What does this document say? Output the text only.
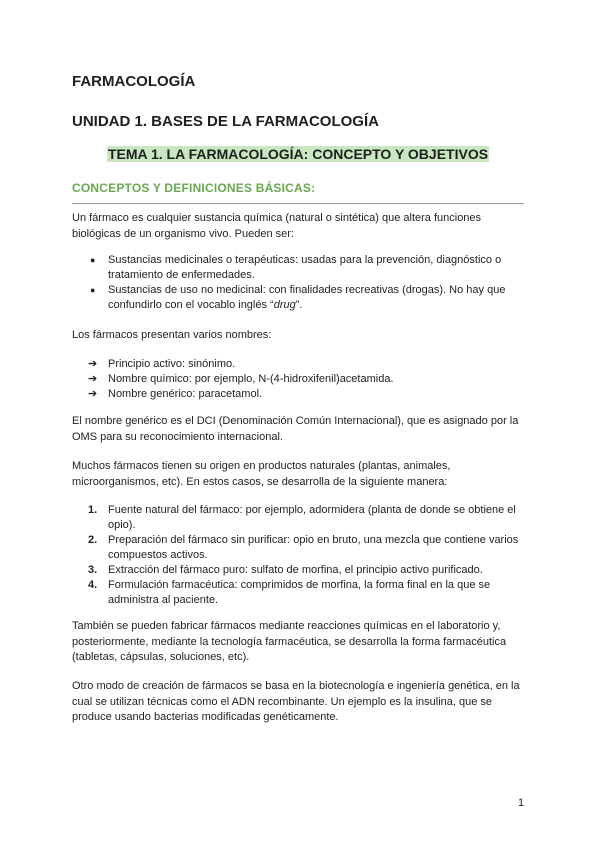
FARMACOLOGÍA
UNIDAD 1. BASES DE LA FARMACOLOGÍA
TEMA 1. LA FARMACOLOGÍA: CONCEPTO Y OBJETIVOS
CONCEPTOS Y DEFINICIONES BÁSICAS:

Un fármaco es cualquier sustancia química (natural o sintética) que altera funciones biológicas de un organismo vivo. Pueden ser:

● Sustancias medicinales o terapéuticas: usadas para la prevención, diagnóstico o tratamiento de enfermedades.
● Sustancias de uso no medicinal: con finalidades recreativas (drogas). No hay que confundirlo con el vocablo inglés “drug”.

Los fármacos presentan varios nombres:

➔ Principio activo: sinónimo.
➔ Nombre químico: por ejemplo, N-(4-hidroxifenil)acetamida.
➔ Nombre genérico: paracetamol.

El nombre genérico es el DCI (Denominación Común Internacional), que es asignado por la OMS para su reconocimiento internacional.

Muchos fármacos tienen su origen en productos naturales (plantas, animales, microorganismos, etc). En estos casos, se desarrolla de la siguiente manera:

1. Fuente natural del fármaco: por ejemplo, adormidera (planta de donde se obtiene el opio).
2. Preparación del fármaco sin purificar: opio en bruto, una mezcla que contiene varios compuestos activos.
3. Extracción del fármaco puro: sulfato de morfina, el principio activo purificado.
4. Formulación farmacéutica: comprimidos de morfina, la forma final en la que se administra al paciente.

También se pueden fabricar fármacos mediante reacciones químicas en el laboratorio y, posteriormente, mediante la tecnología farmacéutica, se desarrolla la forma farmacéutica (tabletas, cápsulas, soluciones, etc).

Otro modo de creación de fármacos se basa en la biotecnología e ingeniería genética, en la cual se utilizan técnicas como el ADN recombinante. Un ejemplo es la insulina, que se produce usando bacterias modificadas genéticamente.

1
